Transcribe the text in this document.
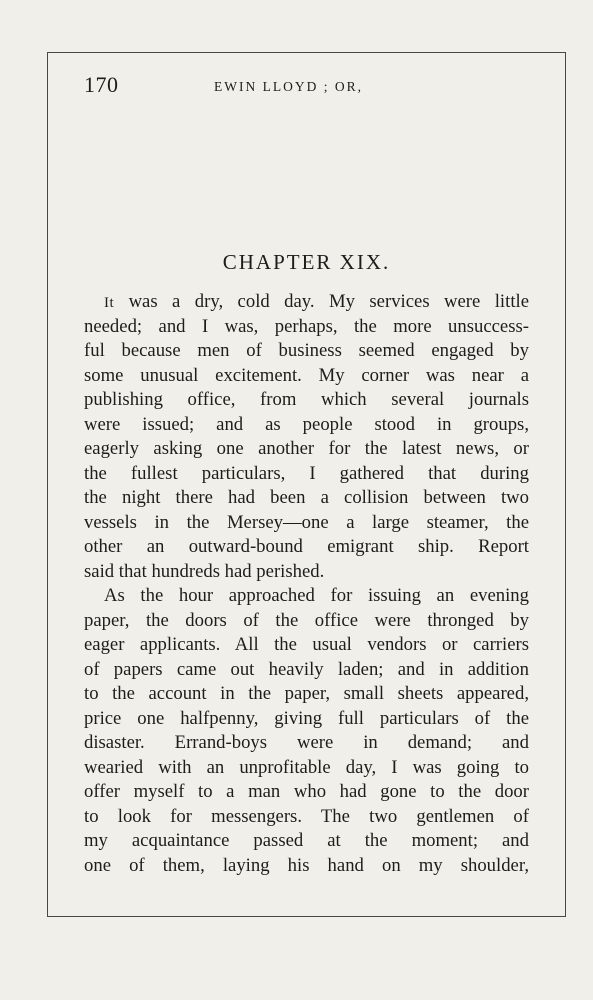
170	EWIN LLOYD ; OR,
CHAPTER XIX.
It was a dry, cold day. My services were little
needed; and I was, perhaps, the more unsuccess-
ful because men of business seemed engaged by
some unusual excitement. My corner was near a
publishing office, from which several journals
were issued; and as people stood in groups,
eagerly asking one another for the latest news, or
the fullest particulars, I gathered that during
the night there had been a collision between two
vessels in the Mersey—one a large steamer, the
other an outward-bound emigrant ship. Report
said that hundreds had perished.
As the hour approached for issuing an evening
paper, the doors of the office were thronged by
eager applicants. All the usual vendors or carriers
of papers came out heavily laden; and in addition
to the account in the paper, small sheets appeared,
price one halfpenny, giving full particulars of the
disaster. Errand-boys were in demand; and
wearied with an unprofitable day, I was going to
offer myself to a man who had gone to the door
to look for messengers. The two gentlemen of
my acquaintance passed at the moment; and
one of them, laying his hand on my shoulder,
